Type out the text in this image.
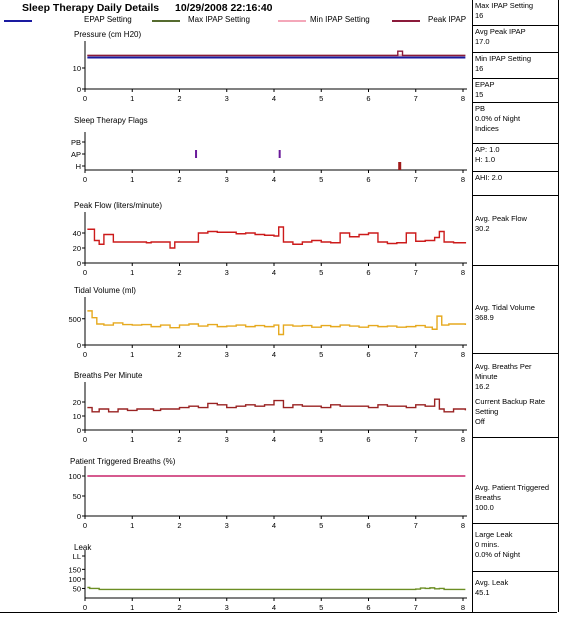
Sleep Therapy Daily Details 10/29/2008 22:16:40
EPAP Setting	Max IPAP Setting	Min IPAP Setting	Peak IPAP
Pressure (cm H20)
Sleep Therapy Flags
Peak Flow (liters/minute)
Tidal Volume (ml)
Breaths Per Minute
Patient Triggered Breaths (%)
Leak
0	1	2	3	4	5	6	7	8
0
10
0	1	2	3	4	5	6	7	8
PB
AP
H
0	1	2	3	4	5	6	7	8
0
20
40
0	1	2	3	4	5	6	7	8
0
500
0	1	2	3	4	5	6	7	8
0
10
20
0	1	2	3	4	5	6	7	8
0
50
100
0	1	2	3	4	5	6	7	8
50
100
150
LL
Max IPAP Setting
16
Avg Peak IPAP
17.0
Min IPAP Setting
16
EPAP
15
PB
0.0% of Night
Indices
AP: 1.0
H: 1.0
AHI: 2.0
Avg. Peak Flow
30.2
Avg. Tidal Volume
368.9
Avg. Breaths Per Minute
16.2
Current Backup Rate Setting
Off
Avg. Patient Triggered Breaths
100.0
Large Leak
0 mins.
0.0% of Night
Avg. Leak
45.1
